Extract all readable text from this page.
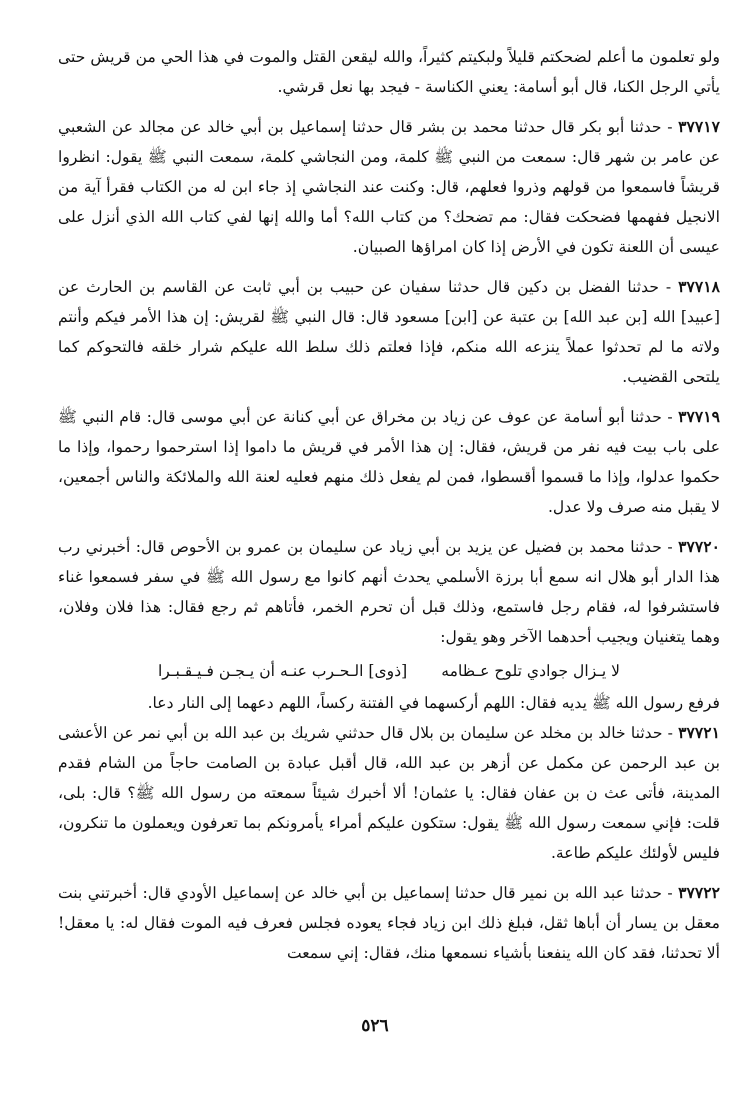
ولو تعلمون ما أعلم لضحكتم قليلاً ولبكيتم كثيراً، والله ليقعن القتل والموت في هذا الحي من قريش حتى يأتي الرجل الكنا، قال أبو أسامة: يعني الكناسة - فيجد بها نعل قرشي.

٣٧٧١٧ - حدثنا أبو بكر قال حدثنا محمد بن بشر قال حدثنا إسماعيل بن أبي خالد عن مجالد عن الشعبي عن عامر بن شهر قال: سمعت من النبي ﷺ كلمة، ومن النجاشي كلمة، سمعت النبي ﷺ يقول: انظروا قريشاً فاسمعوا من قولهم وذروا فعلهم، قال: وكنت عند النجاشي إذ جاء ابن له من الكتاب فقرأ آية من الانجيل ففهمها فضحكت فقال: مم تضحك؟ من كتاب الله؟ أما والله إنها لفي كتاب الله الذي أنزل على عيسى أن اللعنة تكون في الأرض إذا كان امراؤها الصبيان.

٣٧٧١٨ - حدثنا الفضل بن دكين قال حدثنا سفيان عن حبيب بن أبي ثابت عن القاسم بن الحارث عن [عبيد] الله [بن عبد الله] بن عتبة عن [ابن] مسعود قال: قال النبي ﷺ لقريش: إن هذا الأمر فيكم وأنتم ولاته ما لم تحدثوا عملاً ينزعه الله منكم، فإذا فعلتم ذلك سلط الله عليكم شرار خلقه فالتحوكم كما يلتحى القضيب.

٣٧٧١٩ - حدثنا أبو أسامة عن عوف عن زياد بن مخراق عن أبي كنانة عن أبي موسى قال: قام النبي ﷺ على باب بيت فيه نفر من قريش، فقال: إن هذا الأمر في قريش ما داموا إذا استرحموا رحموا، وإذا ما حكموا عدلوا، وإذا ما قسموا أقسطوا، فمن لم يفعل ذلك منهم فعليه لعنة الله والملائكة والناس أجمعين، لا يقبل منه صرف ولا عدل.

٣٧٧٢٠ - حدثنا محمد بن فضيل عن يزيد بن أبي زياد عن سليمان بن عمرو بن الأحوص قال: أخبرني رب هذا الدار أبو هلال انه سمع أبا برزة الأسلمي يحدث أنهم كانوا مع رسول الله ﷺ في سفر فسمعوا غناء فاستشرفوا له، فقام رجل فاستمع، وذلك قبل أن تحرم الخمر، فأتاهم ثم رجع فقال: هذا فلان وفلان، وهما يتغنيان ويجيب أحدهما الآخر وهو يقول:

لا يـزال جوادي تلوح عـظامه
[ذوى] الـحـرب عنـه أن يـجـن فـيـقـبـرا

فرفع رسول الله ﷺ يديه فقال: اللهم أركسهما في الفتنة ركساً، اللهم دعهما إلى النار دعا.

٣٧٧٢١ - حدثنا خالد بن مخلد عن سليمان بن بلال قال حدثني شريك بن عبد الله بن أبي نمر عن الأعشى بن عبد الرحمن عن مكمل عن أزهر بن عبد الله، قال أقبل عبادة بن الصامت حاجاً من الشام فقدم المدينة، فأتى عث ن بن عفان فقال: يا عثمان! ألا أخبرك شيئاً سمعته من رسول الله ﷺ؟ قال: بلى، قلت: فإني سمعت رسول الله ﷺ يقول: ستكون عليكم أمراء يأمرونكم بما تعرفون ويعملون ما تنكرون، فليس لأولئك عليكم طاعة.

٣٧٧٢٢ - حدثنا عبد الله بن نمير قال حدثنا إسماعيل بن أبي خالد عن إسماعيل الأودي قال: أخبرتني بنت معقل بن يسار أن أباها ثقل، فبلغ ذلك ابن زياد فجاء يعوده فجلس فعرف فيه الموت فقال له: يا معقل! ألا تحدثنا، فقد كان الله ينفعنا بأشياء نسمعها منك، فقال: إني سمعت

٥٢٦
